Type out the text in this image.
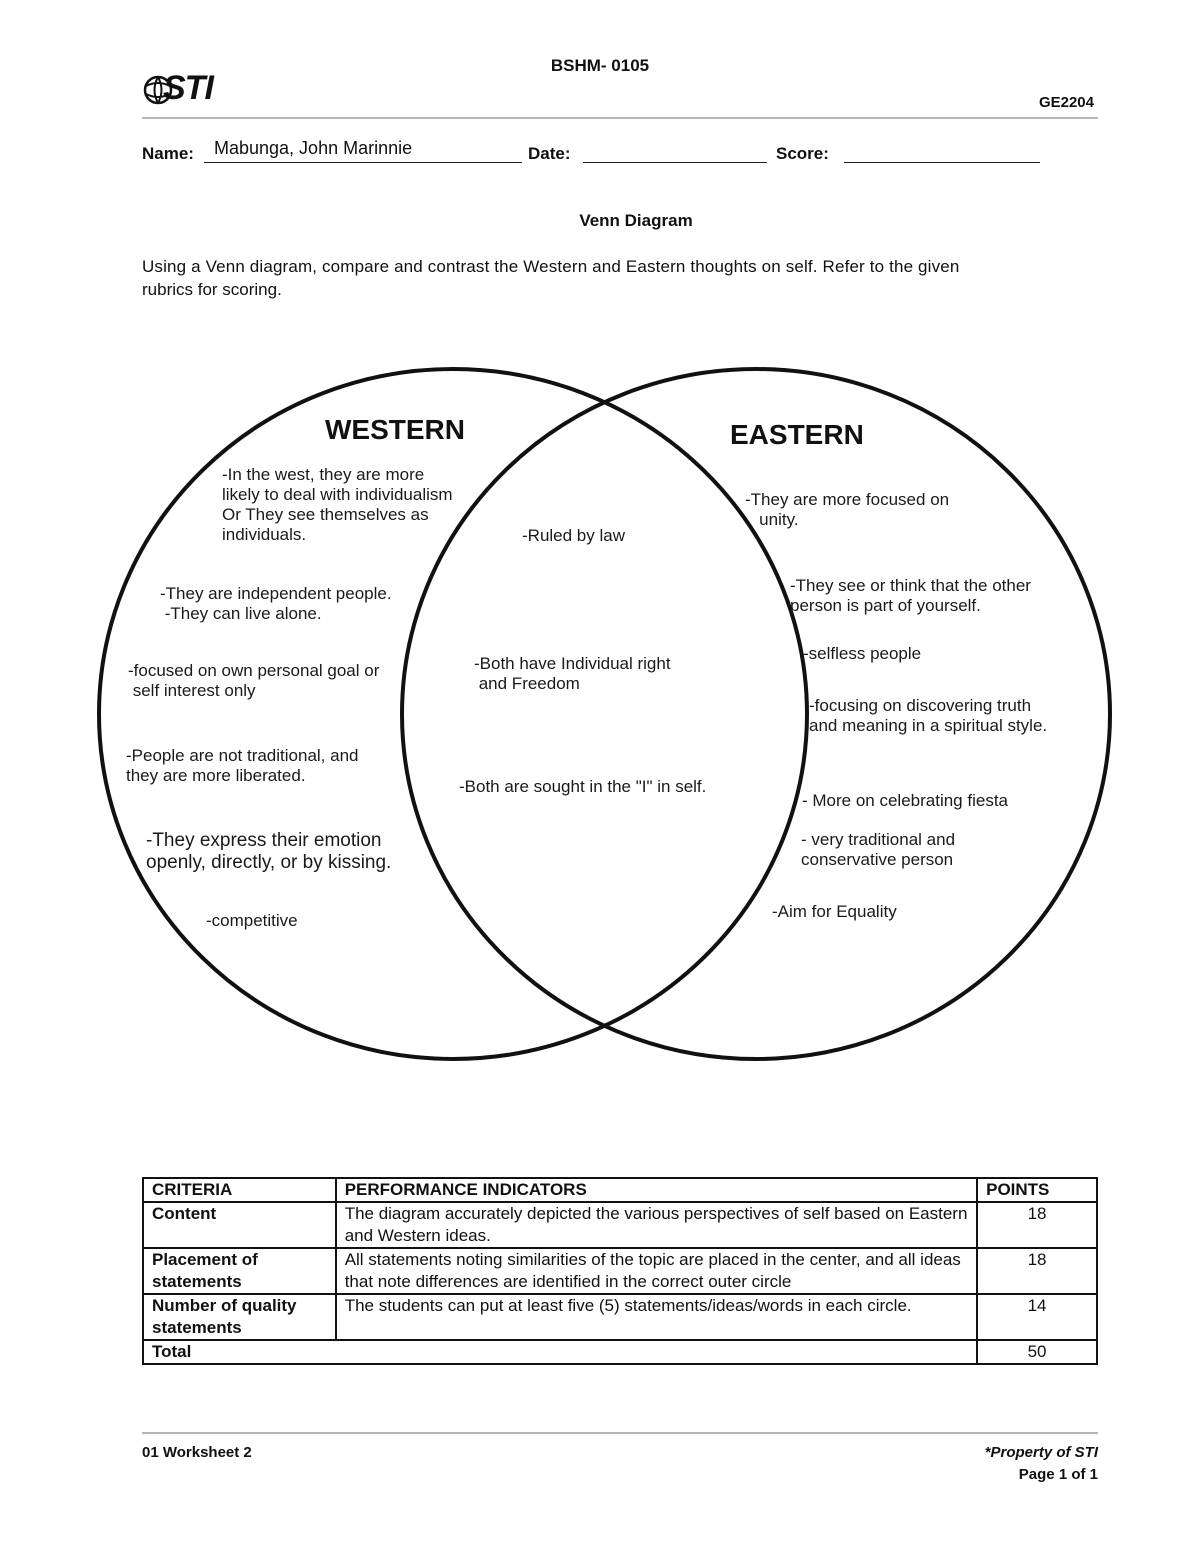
BSHM- 0105
STI	GE2204
Name: Mabunga, John Marinnie	Date:	Score:
Venn Diagram
Using a Venn diagram, compare and contrast the Western and Eastern thoughts on self. Refer to the given
rubrics for scoring.
WESTERN	EASTERN
-In the west, they are more
likely to deal with individualism
Or They see themselves as
individuals.
-They are independent people.
-They can live alone.
-focused on own personal goal or
self interest only
-People are not traditional, and
they are more liberated.
-They express their emotion
openly, directly, or by kissing.
-competitive
-Ruled by law
-Both have Individual right
and Freedom
-Both are sought in the "I" in self.
-They are more focused on
unity.
-They see or think that the other
person is part of yourself.
-selfless people
-focusing on discovering truth
and meaning in a spiritual style.
- More on celebrating fiesta
- very traditional and
conservative person
-Aim for Equality
CRITERIA	PERFORMANCE INDICATORS	POINTS
Content	The diagram accurately depicted the various perspectives of self based on Eastern and Western ideas.	18
Placement of statements	All statements noting similarities of the topic are placed in the center, and all ideas that note differences are identified in the correct outer circle	18
Number of quality statements	The students can put at least five (5) statements/ideas/words in each circle.	14
Total		50
01 Worksheet 2	*Property of STI
Page 1 of 1
